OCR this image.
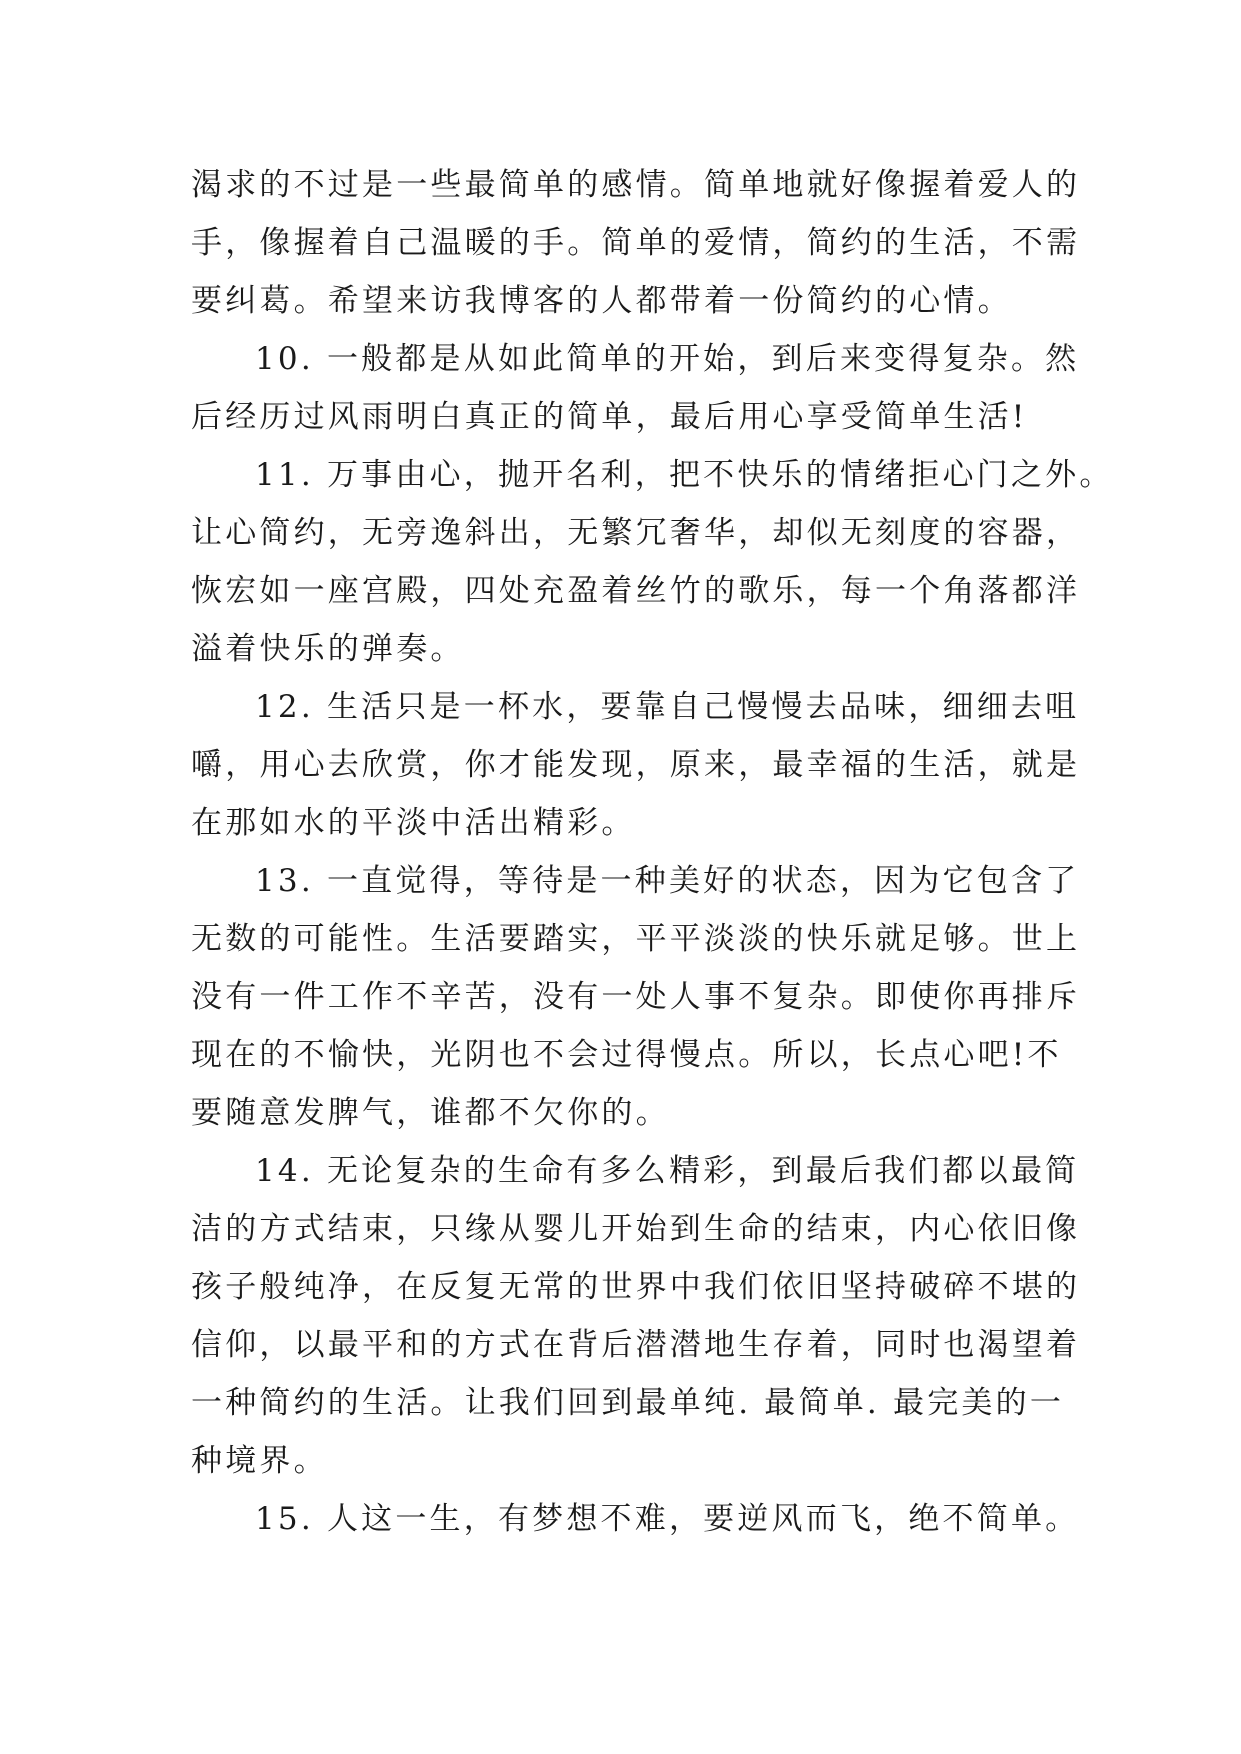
渴求的不过是一些最简单的感情。简单地就好像握着爱人的
手，像握着自己温暖的手。简单的爱情，简约的生活，不需
要纠葛。希望来访我博客的人都带着一份简约的心情。
10. 一般都是从如此简单的开始，到后来变得复杂。然
后经历过风雨明白真正的简单，最后用心享受简单生活!
11. 万事由心，抛开名利，把不快乐的情绪拒心门之外。
让心简约，无旁逸斜出，无繁冗奢华，却似无刻度的容器，
恢宏如一座宫殿，四处充盈着丝竹的歌乐，每一个角落都洋
溢着快乐的弹奏。
12. 生活只是一杯水，要靠自己慢慢去品味，细细去咀
嚼，用心去欣赏，你才能发现，原来，最幸福的生活，就是
在那如水的平淡中活出精彩。
13. 一直觉得，等待是一种美好的状态，因为它包含了
无数的可能性。生活要踏实，平平淡淡的快乐就足够。世上
没有一件工作不辛苦，没有一处人事不复杂。即使你再排斥
现在的不愉快，光阴也不会过得慢点。所以，长点心吧!不
要随意发脾气，谁都不欠你的。
14. 无论复杂的生命有多么精彩，到最后我们都以最简
洁的方式结束，只缘从婴儿开始到生命的结束，内心依旧像
孩子般纯净，在反复无常的世界中我们依旧坚持破碎不堪的
信仰，以最平和的方式在背后潜潜地生存着，同时也渴望着
一种简约的生活。让我们回到最单纯. 最简单. 最完美的一
种境界。
15. 人这一生，有梦想不难，要逆风而飞，绝不简单。
